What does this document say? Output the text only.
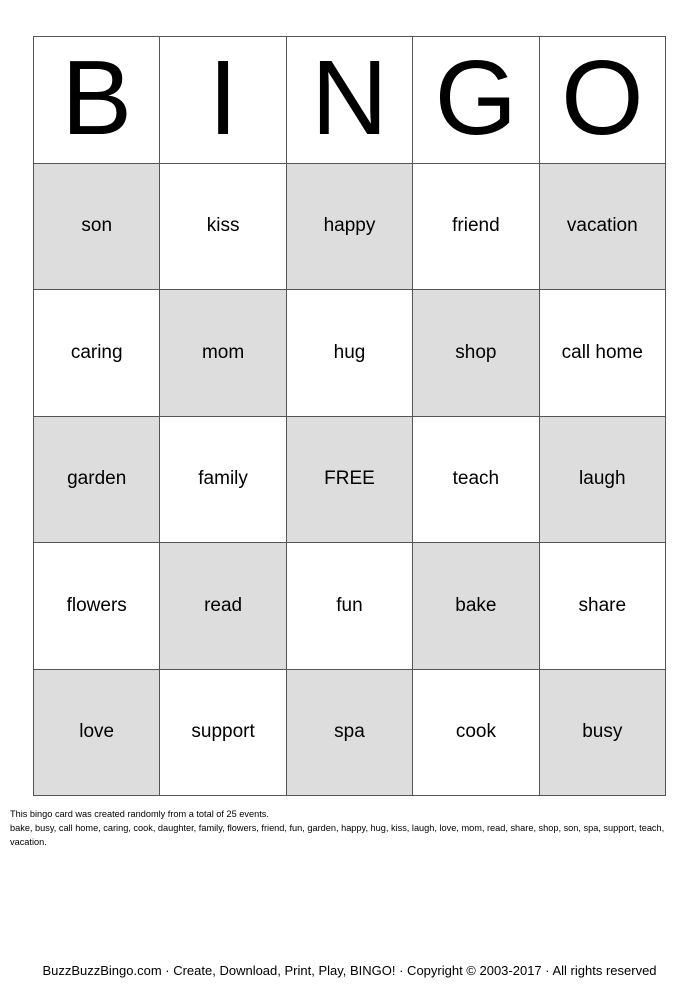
B I N G O
son	kiss	happy	friend	vacation
caring	mom	hug	shop	call home
garden	family	FREE	teach	laugh
flowers	read	fun	bake	share
love	support	spa	cook	busy

This bingo card was created randomly from a total of 25 events.

bake, busy, call home, caring, cook, daughter, family, flowers, friend, fun, garden, happy, hug, kiss, laugh, love, mom, read, share, shop, son, spa, support, teach, vacation.

BuzzBuzzBingo.com · Create, Download, Print, Play, BINGO! · Copyright © 2003-2017 · All rights reserved
